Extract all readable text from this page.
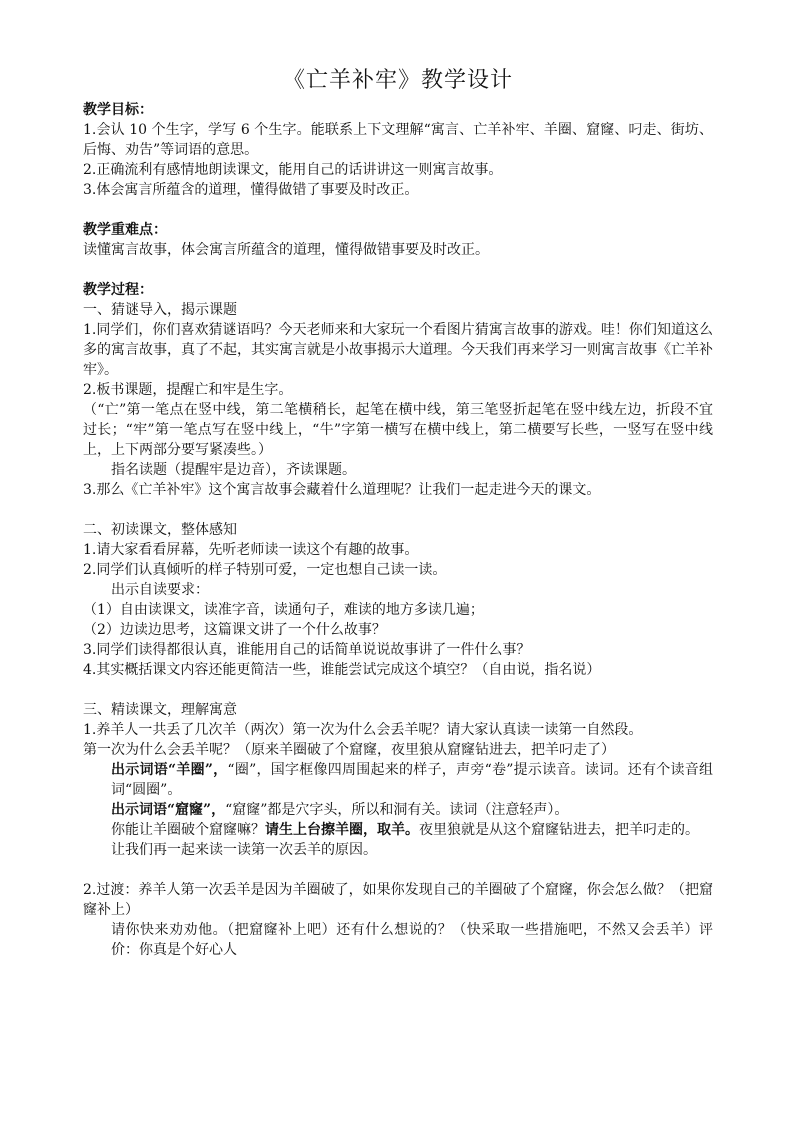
《亡羊补牢》教学设计

教学目标：

1.会认 10 个生字，学写 6 个生字。能联系上下文理解“寓言、亡羊补牢、羊圈、窟窿、叼走、街坊、后悔、劝告”等词语的意思。

2.正确流利有感情地朗读课文，能用自己的话讲讲这一则寓言故事。

3.体会寓言所蕴含的道理，懂得做错了事要及时改正。

教学重难点：

读懂寓言故事，体会寓言所蕴含的道理，懂得做错事要及时改正。

教学过程：

一、猜谜导入，揭示课题

1.同学们，你们喜欢猜谜语吗？今天老师来和大家玩一个看图片猜寓言故事的游戏。哇！你们知道这么多的寓言故事，真了不起，其实寓言就是小故事揭示大道理。今天我们再来学习一则寓言故事《亡羊补牢》。

2.板书课题，提醒亡和牢是生字。

（“亡”第一笔点在竖中线，第二笔横稍长，起笔在横中线，第三笔竖折起笔在竖中线左边，折段不宜过长；“牢”第一笔点写在竖中线上，“牛”字第一横写在横中线上，第二横要写长些，一竖写在竖中线上，上下两部分要写紧凑些。）

指名读题（提醒牢是边音），齐读课题。

3.那么《亡羊补牢》这个寓言故事会藏着什么道理呢？让我们一起走进今天的课文。

二、初读课文，整体感知

1.请大家看看屏幕，先听老师读一读这个有趣的故事。

2.同学们认真倾听的样子特别可爱，一定也想自己读一读。

出示自读要求：

（1）自由读课文，读准字音，读通句子，难读的地方多读几遍；

（2）边读边思考，这篇课文讲了一个什么故事？

3.同学们读得都很认真，谁能用自己的话简单说说故事讲了一件什么事？

4.其实概括课文内容还能更简洁一些，谁能尝试完成这个填空？（自由说，指名说）

三、精读课文，理解寓意

1.养羊人一共丢了几次羊（两次）第一次为什么会丢羊呢？请大家认真读一读第一自然段。

第一次为什么会丢羊呢？（原来羊圈破了个窟窿，夜里狼从窟窿钻进去，把羊叼走了）

出示词语“羊圈”，“圈”，国字框像四周围起来的样子，声旁“卷”提示读音。读词。还有个读音组词“圆圈”。

出示词语“窟窿”，“窟窿”都是穴字头，所以和洞有关。读词（注意轻声）。

你能让羊圈破个窟窿嘛？请生上台擦羊圈，取羊。夜里狼就是从这个窟窿钻进去，把羊叼走的。

让我们再一起来读一读第一次丢羊的原因。

2.过渡：养羊人第一次丢羊是因为羊圈破了，如果你发现自己的羊圈破了个窟窿，你会怎么做？（把窟窿补上）

请你快来劝劝他。（把窟窿补上吧）还有什么想说的？（快采取一些措施吧，不然又会丢羊）评价：你真是个好心人
